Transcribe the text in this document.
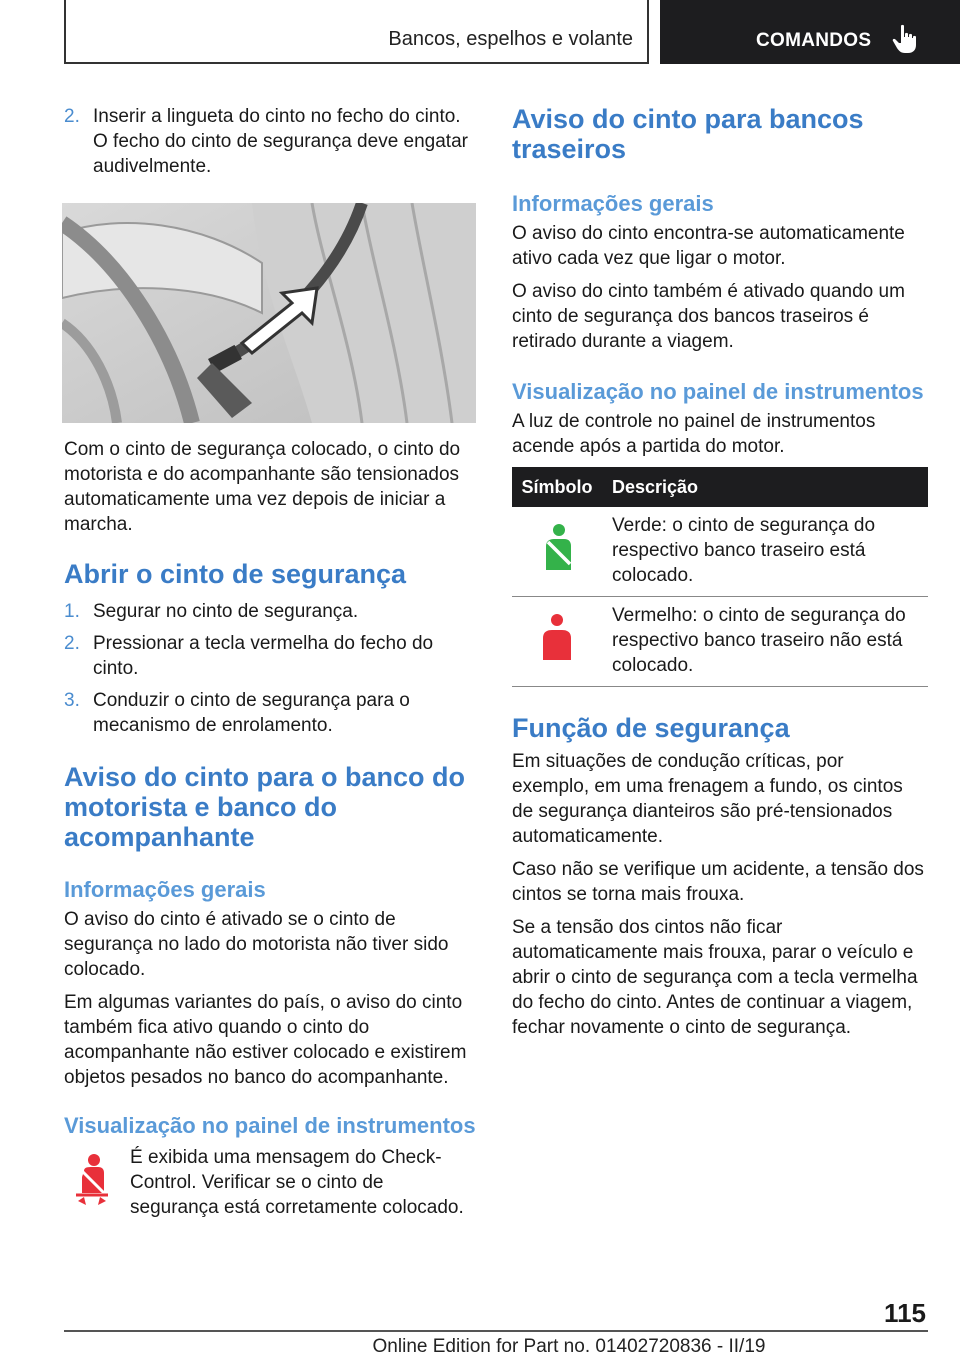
Bancos, espelhos e volante	COMANDOS
2. Inserir a lingueta do cinto no fecho do cinto. O fecho do cinto de segurança deve engatar audivelmente.

Com o cinto de segurança colocado, o cinto do motorista e do acompanhante são tensionados automaticamente uma vez depois de iniciar a marcha.

Abrir o cinto de segurança
1. Segurar no cinto de segurança.
2. Pressionar a tecla vermelha do fecho do cinto.
3. Conduzir o cinto de segurança para o mecanismo de enrolamento.
Aviso do cinto para o banco do motorista e banco do acompanhante
Informações gerais

O aviso do cinto é ativado se o cinto de segurança no lado do motorista não tiver sido colocado.

Em algumas variantes do país, o aviso do cinto também fica ativo quando o cinto do acompanhante não estiver colocado e existirem objetos pesados no banco do acompanhante.

Visualização no painel de instrumentos

É exibida uma mensagem do Check-Control. Verificar se o cinto de segurança está corretamente colocado.

Aviso do cinto para bancos traseiros
Informações gerais

O aviso do cinto encontra-se automaticamente ativo cada vez que ligar o motor.

O aviso do cinto também é ativado quando um cinto de segurança dos bancos traseiros é retirado durante a viagem.

Visualização no painel de instrumentos

A luz de controle no painel de instrumentos acende após a partida do motor.

Símbolo	Descrição
	Verde: o cinto de segurança do respectivo banco traseiro está colocado.
	Vermelho: o cinto de segurança do respectivo banco traseiro não está colocado.
Função de segurança

Em situações de condução críticas, por exemplo, em uma frenagem a fundo, os cintos de segurança dianteiros são pré-tensionados automaticamente.

Caso não se verifique um acidente, a tensão dos cintos se torna mais frouxa.

Se a tensão dos cintos não ficar automaticamente mais frouxa, parar o veículo e abrir o cinto de segurança com a tecla vermelha do fecho do cinto. Antes de continuar a viagem, fechar novamente o cinto de segurança.

115
Online Edition for Part no. 01402720836 - II/19
